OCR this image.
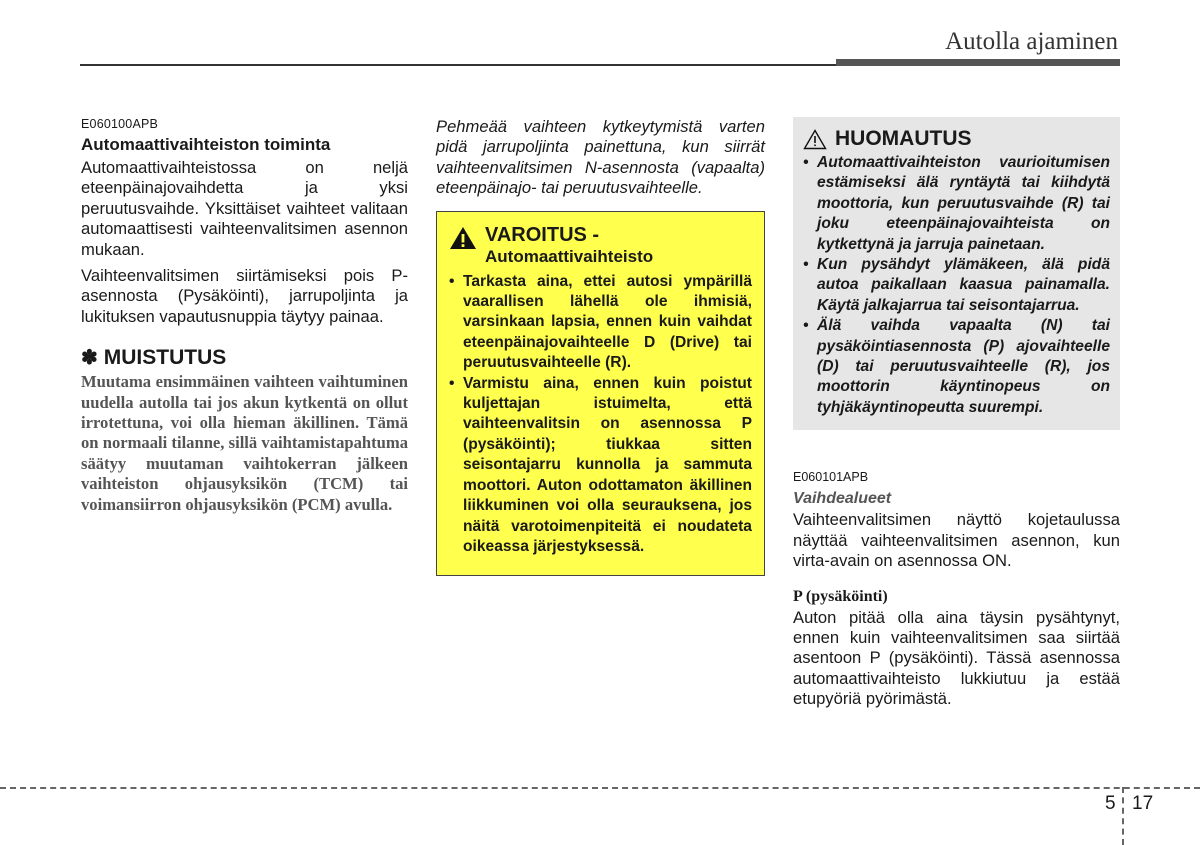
Autolla ajaminen

E060100APB

Automaattivaihteiston toiminta

Automaattivaihteistossa on neljä eteenpäinajovaihdetta ja yksi peruutusvaihde. Yksittäiset vaihteet valitaan automaattisesti vaihteenvalitsimen asennon mukaan.

Vaihteenvalitsimen siirtämiseksi pois P-asennosta (Pysäköinti), jarrupoljinta ja lukituksen vapautusnuppia täytyy painaa.

✽ MUISTUTUS

Muutama ensimmäinen vaihteen vaihtuminen uudella autolla tai jos akun kytkentä on ollut irrotettuna, voi olla hieman äkillinen. Tämä on normaali tilanne, sillä vaihtamistapahtuma säätyy muutaman vaihtokerran jälkeen vaihteiston ohjausyksikön (TCM) tai voimansiirron ohjausyksikön (PCM) avulla.

Pehmeää vaihteen kytkeytymistä varten pidä jarrupoljinta painettuna, kun siirrät vaihteenvalitsimen N-asennosta (vapaalta) eteenpäinajo- tai peruutusvaihteelle.

VAROITUS -
Automaattivaihteisto
• Tarkasta aina, ettei autosi ympärillä vaarallisen lähellä ole ihmisiä, varsinkaan lapsia, ennen kuin vaihdat eteenpäinajovaihteelle D (Drive) tai peruutusvaihteelle (R).
• Varmistu aina, ennen kuin poistut kuljettajan istuimelta, että vaihteenvalitsin on asennossa P (pysäköinti); tiukkaa sitten seisontajarru kunnolla ja sammuta moottori. Auton odottamaton äkillinen liikkuminen voi olla seurauksena, jos näitä varotoimenpiteitä ei noudateta oikeassa järjestyksessä.
HUOMAUTUS
• Automaattivaihteiston vaurioitumisen estämiseksi älä ryntäytä tai kiihdytä moottoria, kun peruutusvaihde (R) tai joku eteenpäinajovaihteista on kytkettynä ja jarruja painetaan.
• Kun pysähdyt ylämäkeen, älä pidä autoa paikallaan kaasua painamalla. Käytä jalkajarrua tai seisontajarrua.
• Älä vaihda vapaalta (N) tai pysäköintiasennosta (P) ajovaihteelle (D) tai peruutusvaihteelle (R), jos moottorin käyntinopeus on tyhjäkäyntinopeutta suurempi.

E060101APB

Vaihdealueet

Vaihteenvalitsimen näyttö kojetaulussa näyttää vaihteenvalitsimen asennon, kun virta-avain on asennossa ON.

P (pysäköinti)

Auton pitää olla aina täysin pysähtynyt, ennen kuin vaihteenvalitsimen saa siirtää asentoon P (pysäköinti). Tässä asennossa automaattivaihteisto lukkiutuu ja estää etupyöriä pyörimästä.

5 17
